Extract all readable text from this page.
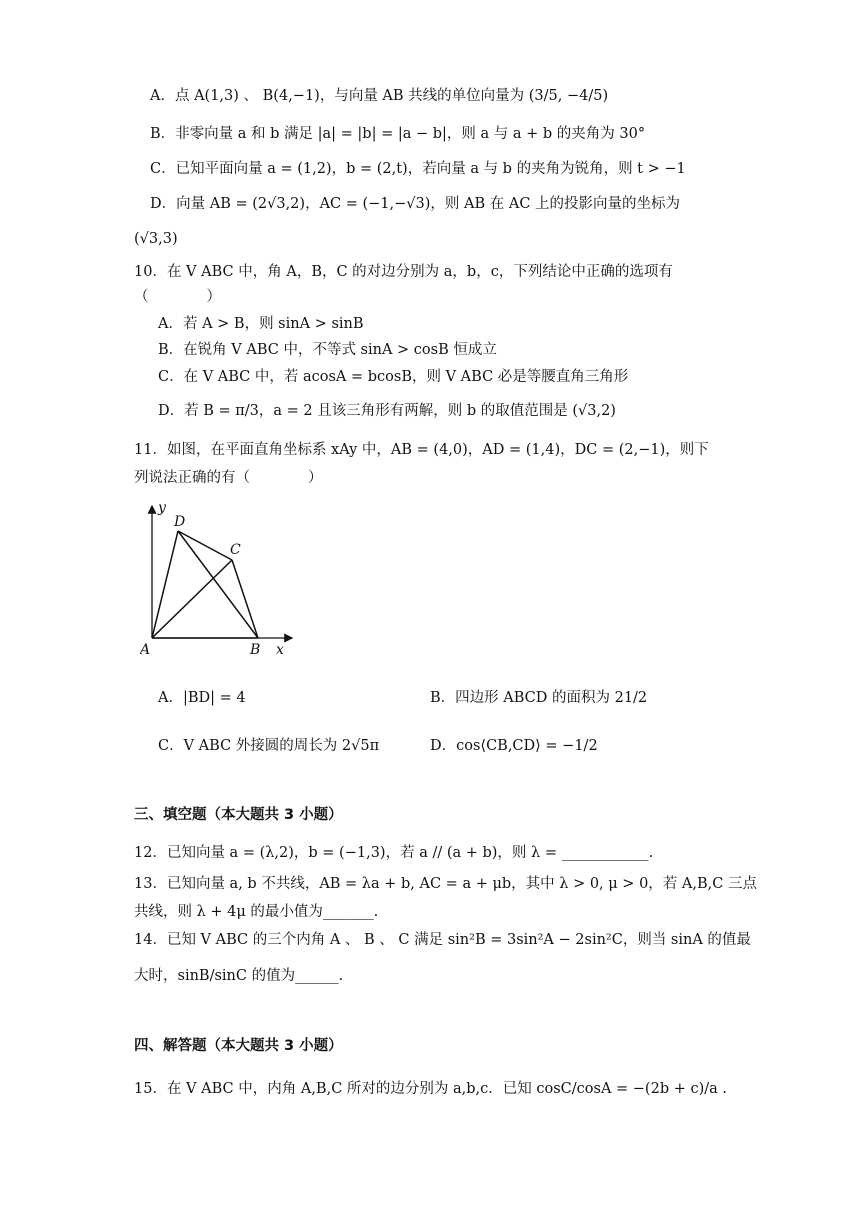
A．点 A(1,3) 、 B(4,−1)，与向量 AB 共线的单位向量为 (3/5, −4/5)
B．非零向量 a 和 b 满足 |a| = |b| = |a − b|，则 a 与 a + b 的夹角为 30°
C．已知平面向量 a = (1,2)，b = (2,t)，若向量 a 与 b 的夹角为锐角，则 t > −1
D．向量 AB = (2√3,2)，AC = (−1,−√3)，则 AB 在 AC 上的投影向量的坐标为
(√3,3)
10．在 V ABC 中，角 A，B，C 的对边分别为 a，b，c，下列结论中正确的选项有
（　　　　）
A．若 A > B，则 sinA > sinB
B．在锐角 V ABC 中，不等式 sinA > cosB 恒成立
C．在 V ABC 中，若 acosA = bcosB，则 V ABC 必是等腰直角三角形
D．若 B = π/3，a = 2 且该三角形有两解，则 b 的取值范围是 (√3,2)
11．如图，在平面直角坐标系 xAy 中，AB = (4,0)，AD = (1,4)，DC = (2,−1)，则下
列说法正确的有（　　　　）
y
x
A	B
C
D
A．|BD| = 4	B．四边形 ABCD 的面积为 21/2
C．V ABC 外接圆的周长为 2√5π	D．cos⟨CB,CD⟩ = −1/2
三、填空题（本大题共 3 小题）
12．已知向量 a = (λ,2)，b = (−1,3)，若 a // (a + b)，则 λ = ____________.
13．已知向量 a, b 不共线，AB = λa + b, AC = a + μb，其中 λ > 0, μ > 0，若 A,B,C 三点
共线，则 λ + 4μ 的最小值为_______.
14．已知 V ABC 的三个内角 A 、 B 、 C 满足 sin²B = 3sin²A − 2sin²C，则当 sinA 的值最
大时，sinB/sinC 的值为______.
四、解答题（本大题共 3 小题）
15．在 V ABC 中，内角 A,B,C 所对的边分别为 a,b,c．已知 cosC/cosA = −(2b + c)/a .
